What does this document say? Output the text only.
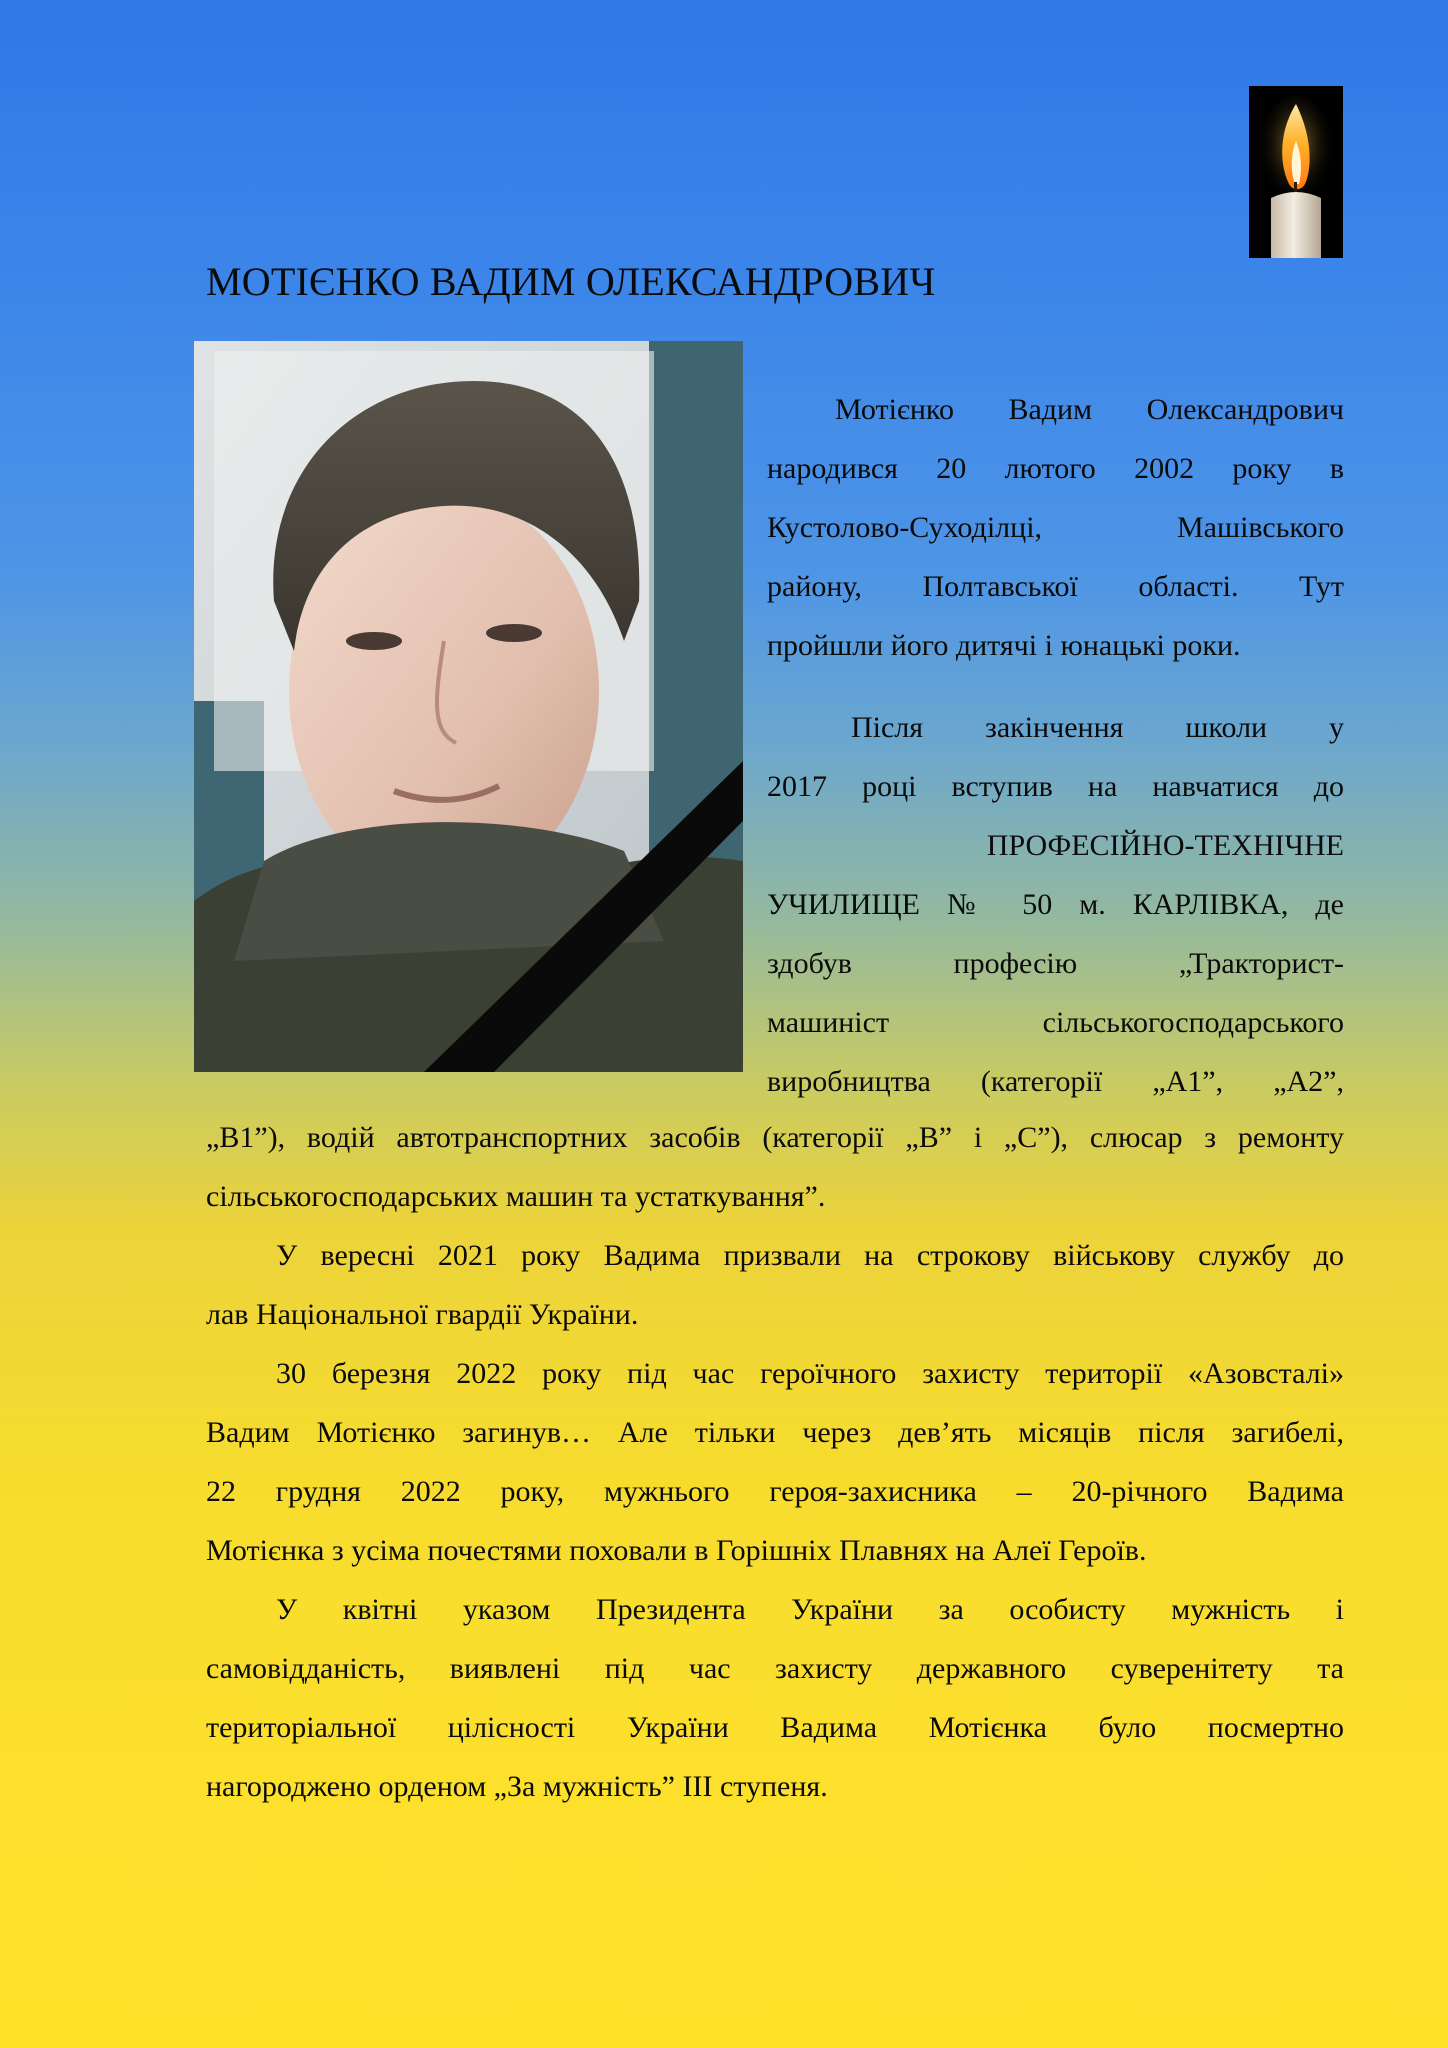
МОТІЄНКО ВАДИМ ОЛЕКСАНДРОВИЧ
Мотієнко Вадим Олександрович
народився 20 лютого 2002 року в
Кустолово-Суходілці, Машівського
району, Полтавської області. Тут
пройшли його дитячі і юнацькі роки.
Після закінчення школи у
2017 році вступив на навчатися до
ПРОФЕСІЙНО-ТЕХНІЧНЕ
УЧИЛИЩЕ № 50 м. КАРЛІВКА, де
здобув професію „Тракторист-
машиніст сільськогосподарського
виробництва (категорії „А1”, „А2”,
„В1”), водій автотранспортних засобів (категорії „В” і „С”), слюсар з ремонту
сільськогосподарських машин та устаткування”.
У вересні 2021 року Вадима призвали на строкову військову службу до
лав Національної гвардії України.
30 березня 2022 року під час героїчного захисту території «Азовсталі»
Вадим Мотієнко загинув… Але тільки через дев’ять місяців після загибелі,
22 грудня 2022 року, мужнього героя-захисника – 20-річного Вадима
Мотієнка з усіма почестями поховали в Горішніх Плавнях на Алеї Героїв.
У квітні указом Президента України за особисту мужність і
самовідданість, виявлені під час захисту державного суверенітету та
територіальної цілісності України Вадима Мотієнка було посмертно
нагороджено орденом „За мужність” ІІІ ступеня.
